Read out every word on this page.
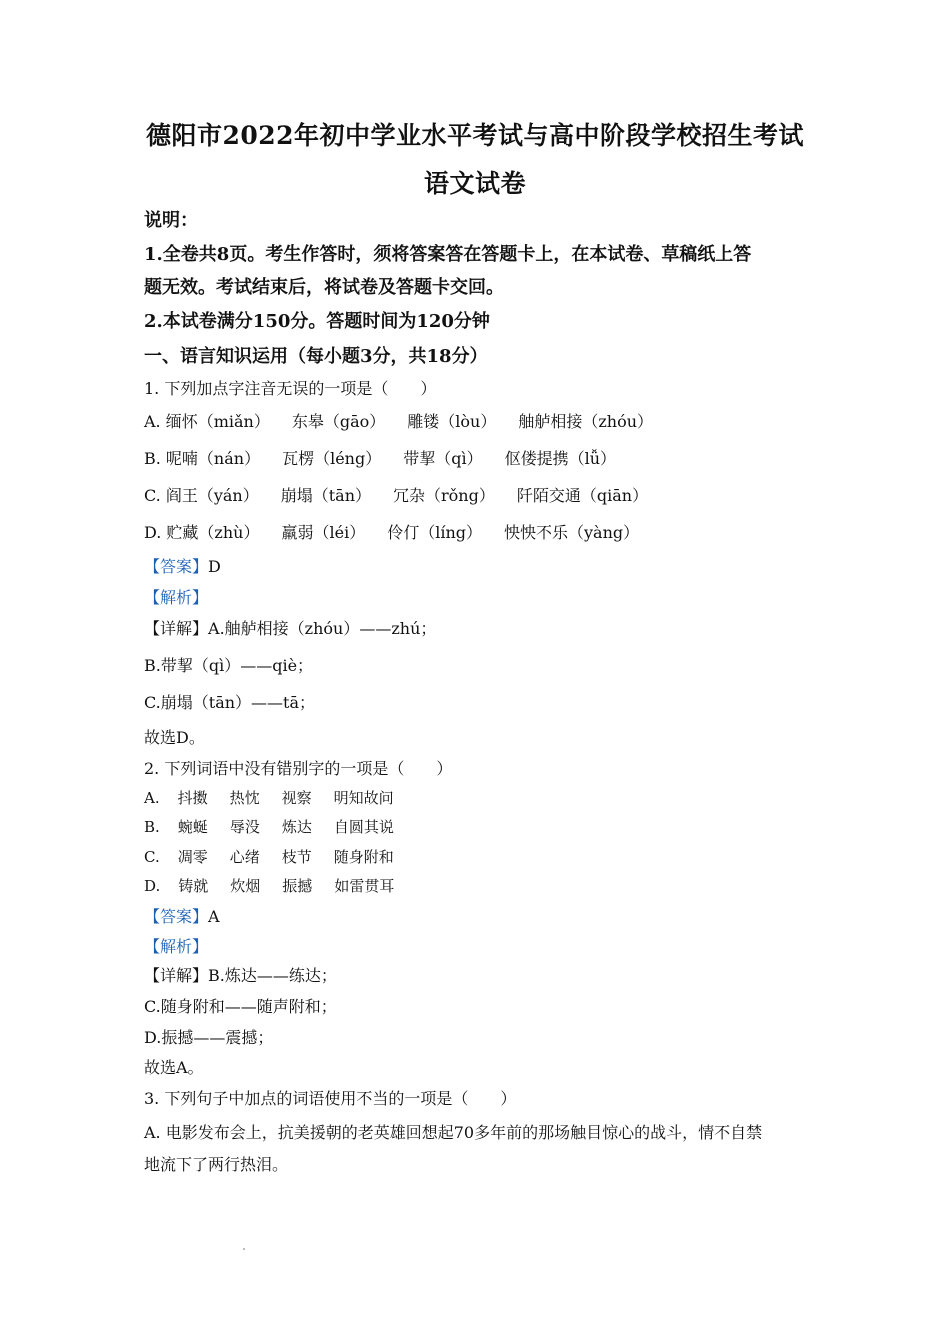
德阳市2022年初中学业水平考试与高中阶段学校招生考试
语文试卷
说明：
1.全卷共8页。考生作答时，须将答案答在答题卡上，在本试卷、草稿纸上答
题无效。考试结束后，将试卷及答题卡交回。
2.本试卷满分150分。答题时间为120分钟
一、语言知识运用（每小题3分，共18分）
1. 下列加点字注音无误的一项是（　　）
A. 缅怀（miǎn） 东皋（gāo） 雕镂（lòu） 舳舻相接（zhóu）
B. 呢喃（nán） 瓦楞（léng） 带挈（qì） 伛偻提携（lǚ）
C. 阎王（yán） 崩塌（tān） 冗杂（rǒng） 阡陌交通（qiān）
D. 贮藏（zhù） 羸弱（léi） 伶仃（líng） 怏怏不乐（yàng）
【答案】D
【解析】
【详解】A.舳舻相接（zhóu）——zhú；
B.带挈（qì）——qiè；
C.崩塌（tān）——tā；
故选D。
2. 下列词语中没有错别字的一项是（　　）
A. 抖擞 热忱 视察 明知故问
B. 蜿蜒 辱没 炼达 自圆其说
C. 凋零 心绪 枝节 随身附和
D. 铸就 炊烟 振撼 如雷贯耳
【答案】A
【解析】
【详解】B.炼达——练达；
C.随身附和——随声附和；
D.振撼——震撼；
故选A。
3. 下列句子中加点的词语使用不当的一项是（　　）
A. 电影发布会上，抗美援朝的老英雄回想起70多年前的那场触目惊心的战斗，情不自禁
地流下了两行热泪。
